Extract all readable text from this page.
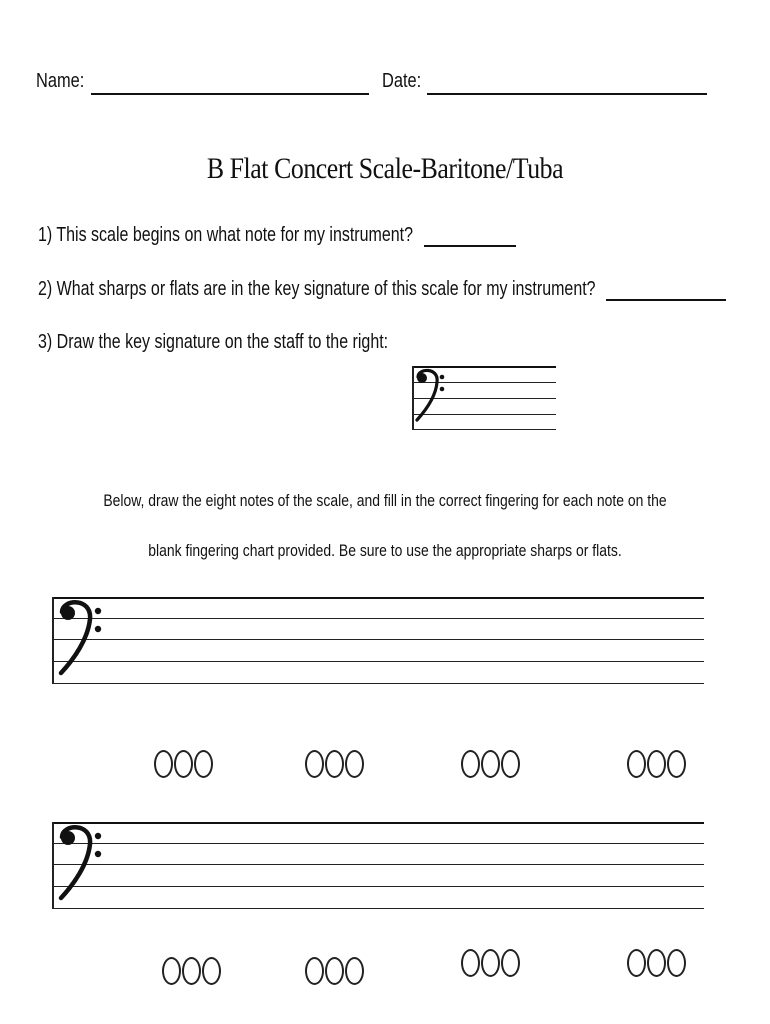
Name:	Date:
B Flat Concert Scale-Baritone/Tuba
1) This scale begins on what note for my instrument?
2) What sharps or flats are in the key signature of this scale for my instrument?
3) Draw the key signature on the staff to the right:
Below, draw the eight notes of the scale, and fill in the correct fingering for each note on the
blank fingering chart provided. Be sure to use the appropriate sharps or flats.
